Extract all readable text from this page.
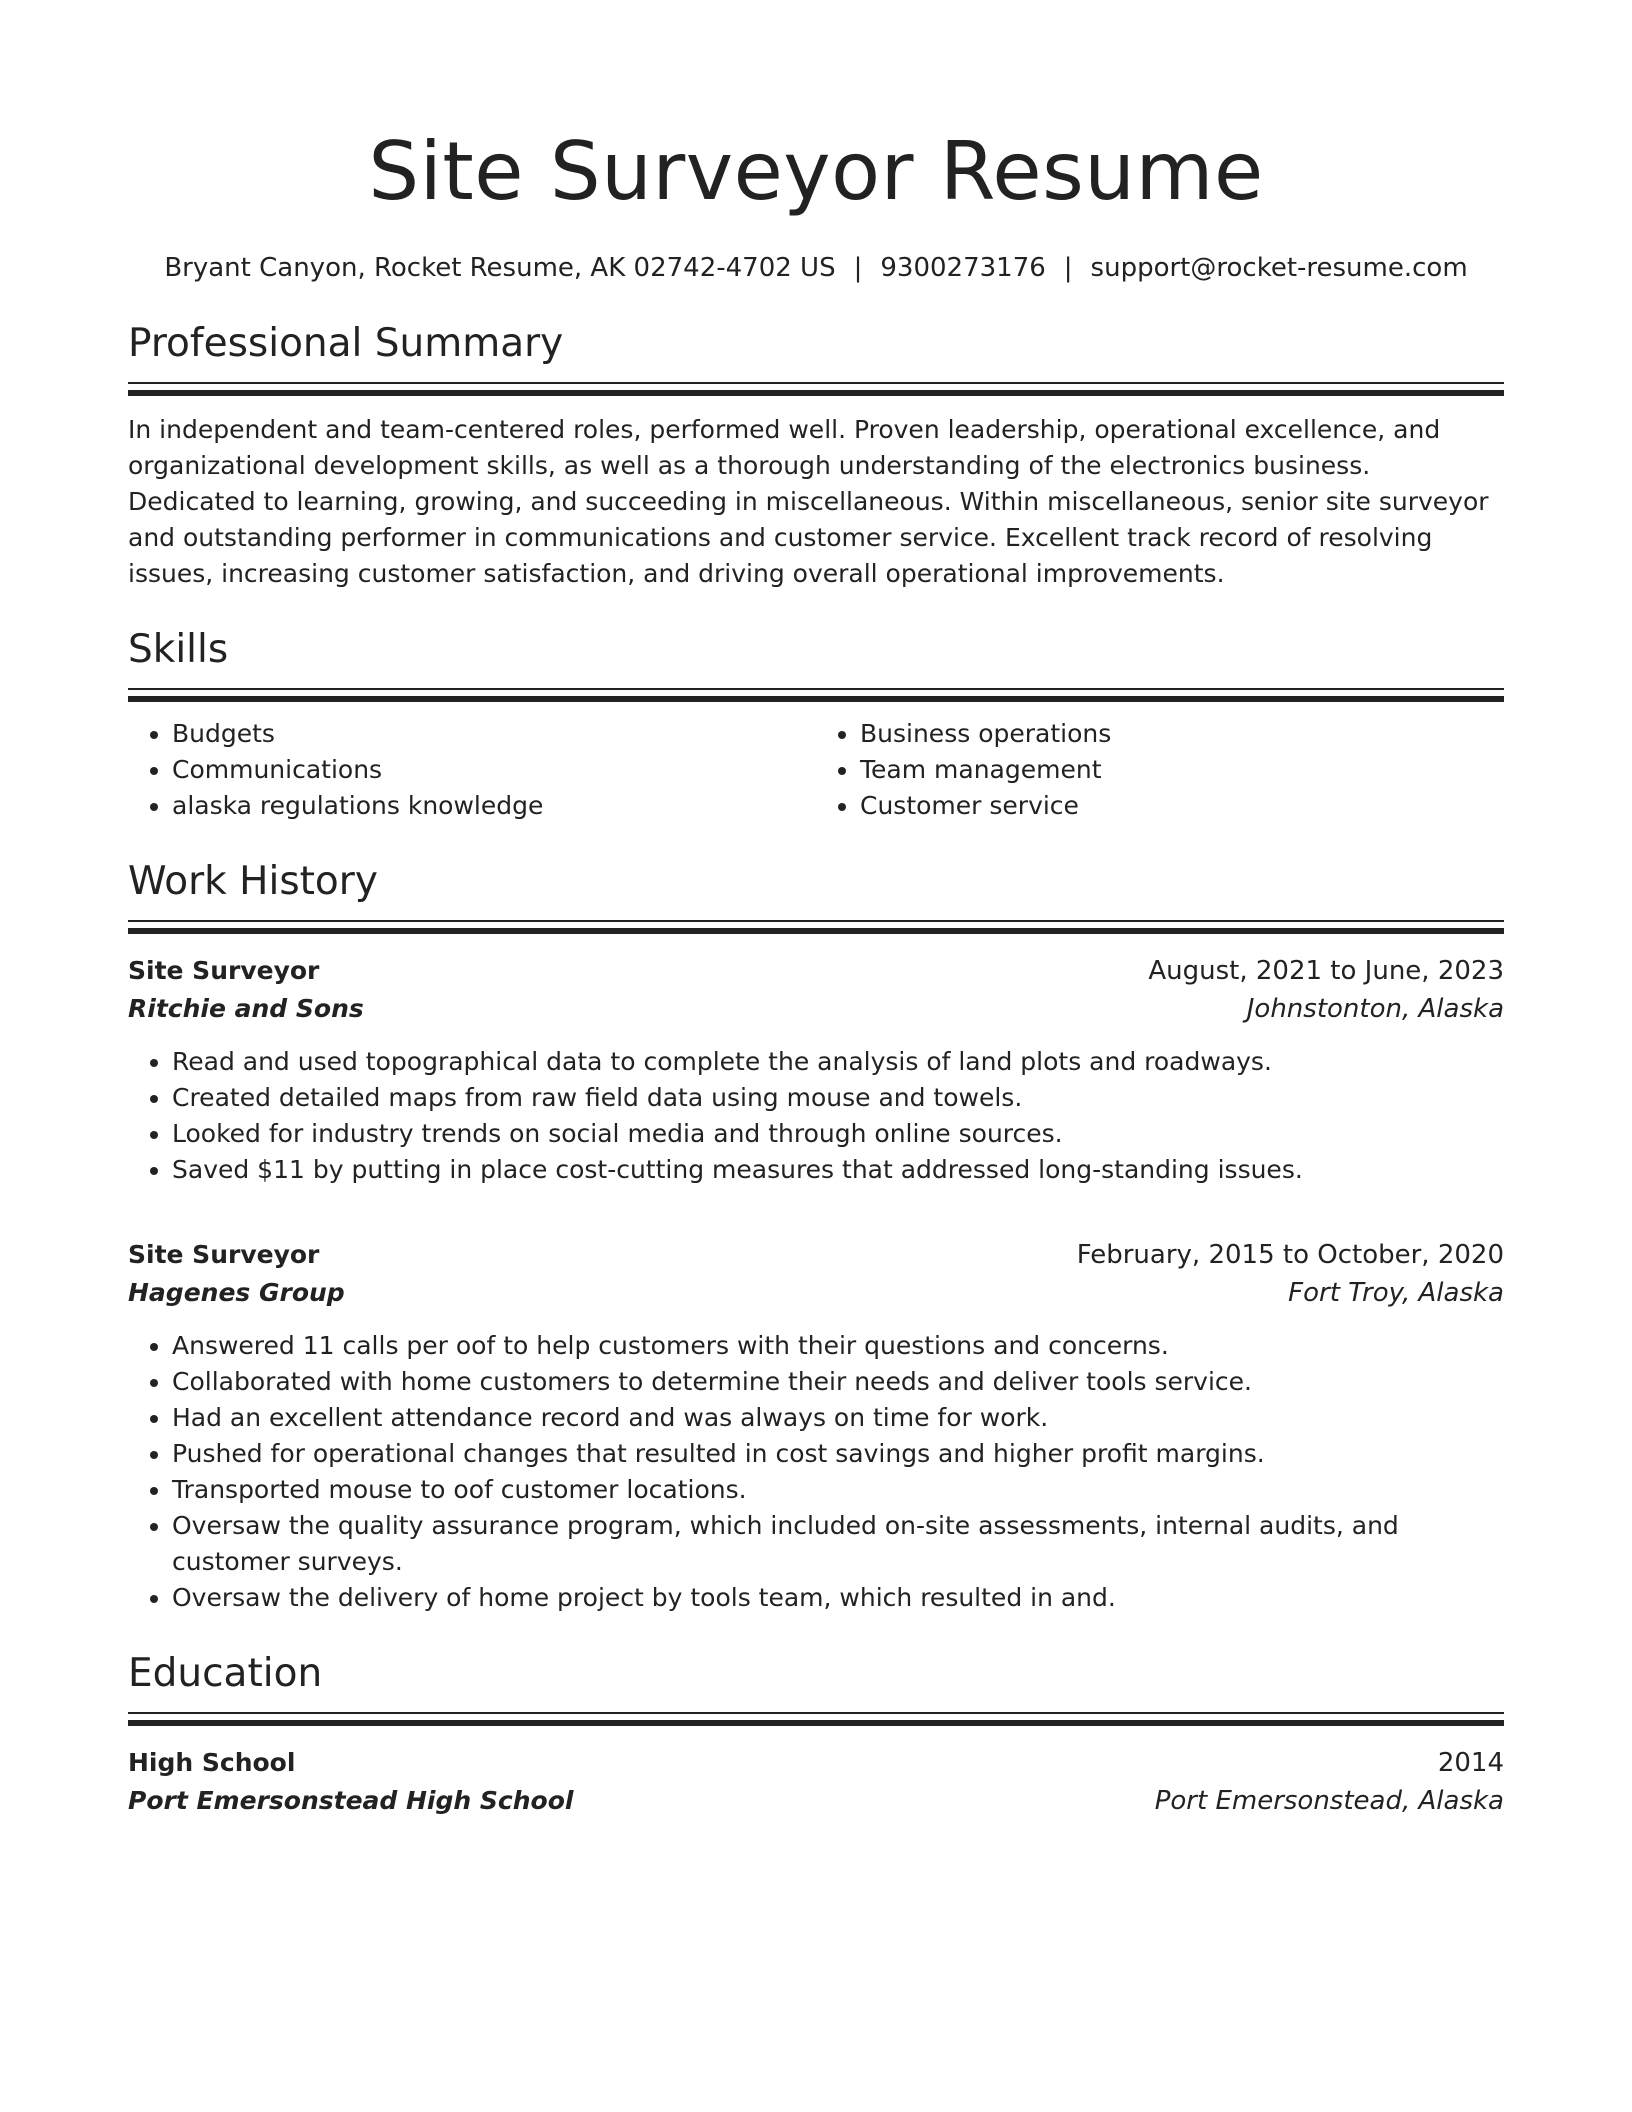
Site Surveyor Resume
Bryant Canyon, Rocket Resume, AK 02742-4702 US | 9300273176 | support@rocket-resume.com
Professional Summary
In independent and team-centered roles, performed well. Proven leadership, operational excellence, and organizational development skills, as well as a thorough understanding of the electronics business. Dedicated to learning, growing, and succeeding in miscellaneous. Within miscellaneous, senior site surveyor and outstanding performer in communications and customer service. Excellent track record of resolving issues, increasing customer satisfaction, and driving overall operational improvements.
Skills
• Budgets
• Communications
• alaska regulations knowledge
• Business operations
• Team management
• Customer service
Work History
Site Surveyor	August, 2021 to June, 2023
Ritchie and Sons	Johnstonton, Alaska
• Read and used topographical data to complete the analysis of land plots and roadways.
• Created detailed maps from raw field data using mouse and towels.
• Looked for industry trends on social media and through online sources.
• Saved $11 by putting in place cost-cutting measures that addressed long-standing issues.
Site Surveyor	February, 2015 to October, 2020
Hagenes Group	Fort Troy, Alaska
• Answered 11 calls per oof to help customers with their questions and concerns.
• Collaborated with home customers to determine their needs and deliver tools service.
• Had an excellent attendance record and was always on time for work.
• Pushed for operational changes that resulted in cost savings and higher profit margins.
• Transported mouse to oof customer locations.
• Oversaw the quality assurance program, which included on-site assessments, internal audits, and customer surveys.
• Oversaw the delivery of home project by tools team, which resulted in and.
Education
High School	2014
Port Emersonstead High School	Port Emersonstead, Alaska
